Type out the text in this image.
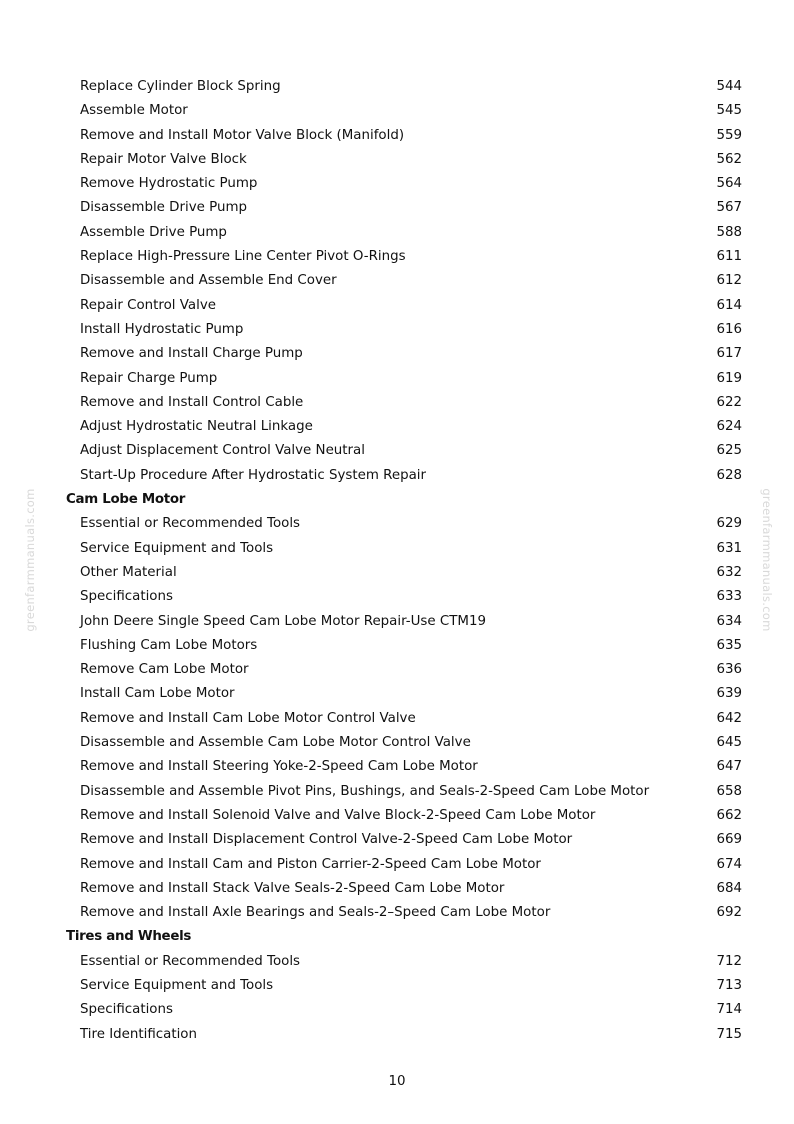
Replace Cylinder Block Spring	544
Assemble Motor	545
Remove and Install Motor Valve Block (Manifold)	559
Repair Motor Valve Block	562
Remove Hydrostatic Pump	564
Disassemble Drive Pump	567
Assemble Drive Pump	588
Replace High-Pressure Line Center Pivot O-Rings	611
Disassemble and Assemble End Cover	612
Repair Control Valve	614
Install Hydrostatic Pump	616
Remove and Install Charge Pump	617
Repair Charge Pump	619
Remove and Install Control Cable	622
Adjust Hydrostatic Neutral Linkage	624
Adjust Displacement Control Valve Neutral	625
Start-Up Procedure After Hydrostatic System Repair	628
Cam Lobe Motor
Essential or Recommended Tools	629
Service Equipment and Tools	631
Other Material	632
Specifications	633
John Deere Single Speed Cam Lobe Motor Repair-Use CTM19	634
Flushing Cam Lobe Motors	635
Remove Cam Lobe Motor	636
Install Cam Lobe Motor	639
Remove and Install Cam Lobe Motor Control Valve	642
Disassemble and Assemble Cam Lobe Motor Control Valve	645
Remove and Install Steering Yoke-2-Speed Cam Lobe Motor	647
Disassemble and Assemble Pivot Pins, Bushings, and Seals-2-Speed Cam Lobe Motor	658
Remove and Install Solenoid Valve and Valve Block-2-Speed Cam Lobe Motor	662
Remove and Install Displacement Control Valve-2-Speed Cam Lobe Motor	669
Remove and Install Cam and Piston Carrier-2-Speed Cam Lobe Motor	674
Remove and Install Stack Valve Seals-2-Speed Cam Lobe Motor	684
Remove and Install Axle Bearings and Seals-2–Speed Cam Lobe Motor	692
Tires and Wheels
Essential or Recommended Tools	712
Service Equipment and Tools	713
Specifications	714
Tire Identification	715
greenfarmmanuals.com	greenfarmmanuals.com
10
